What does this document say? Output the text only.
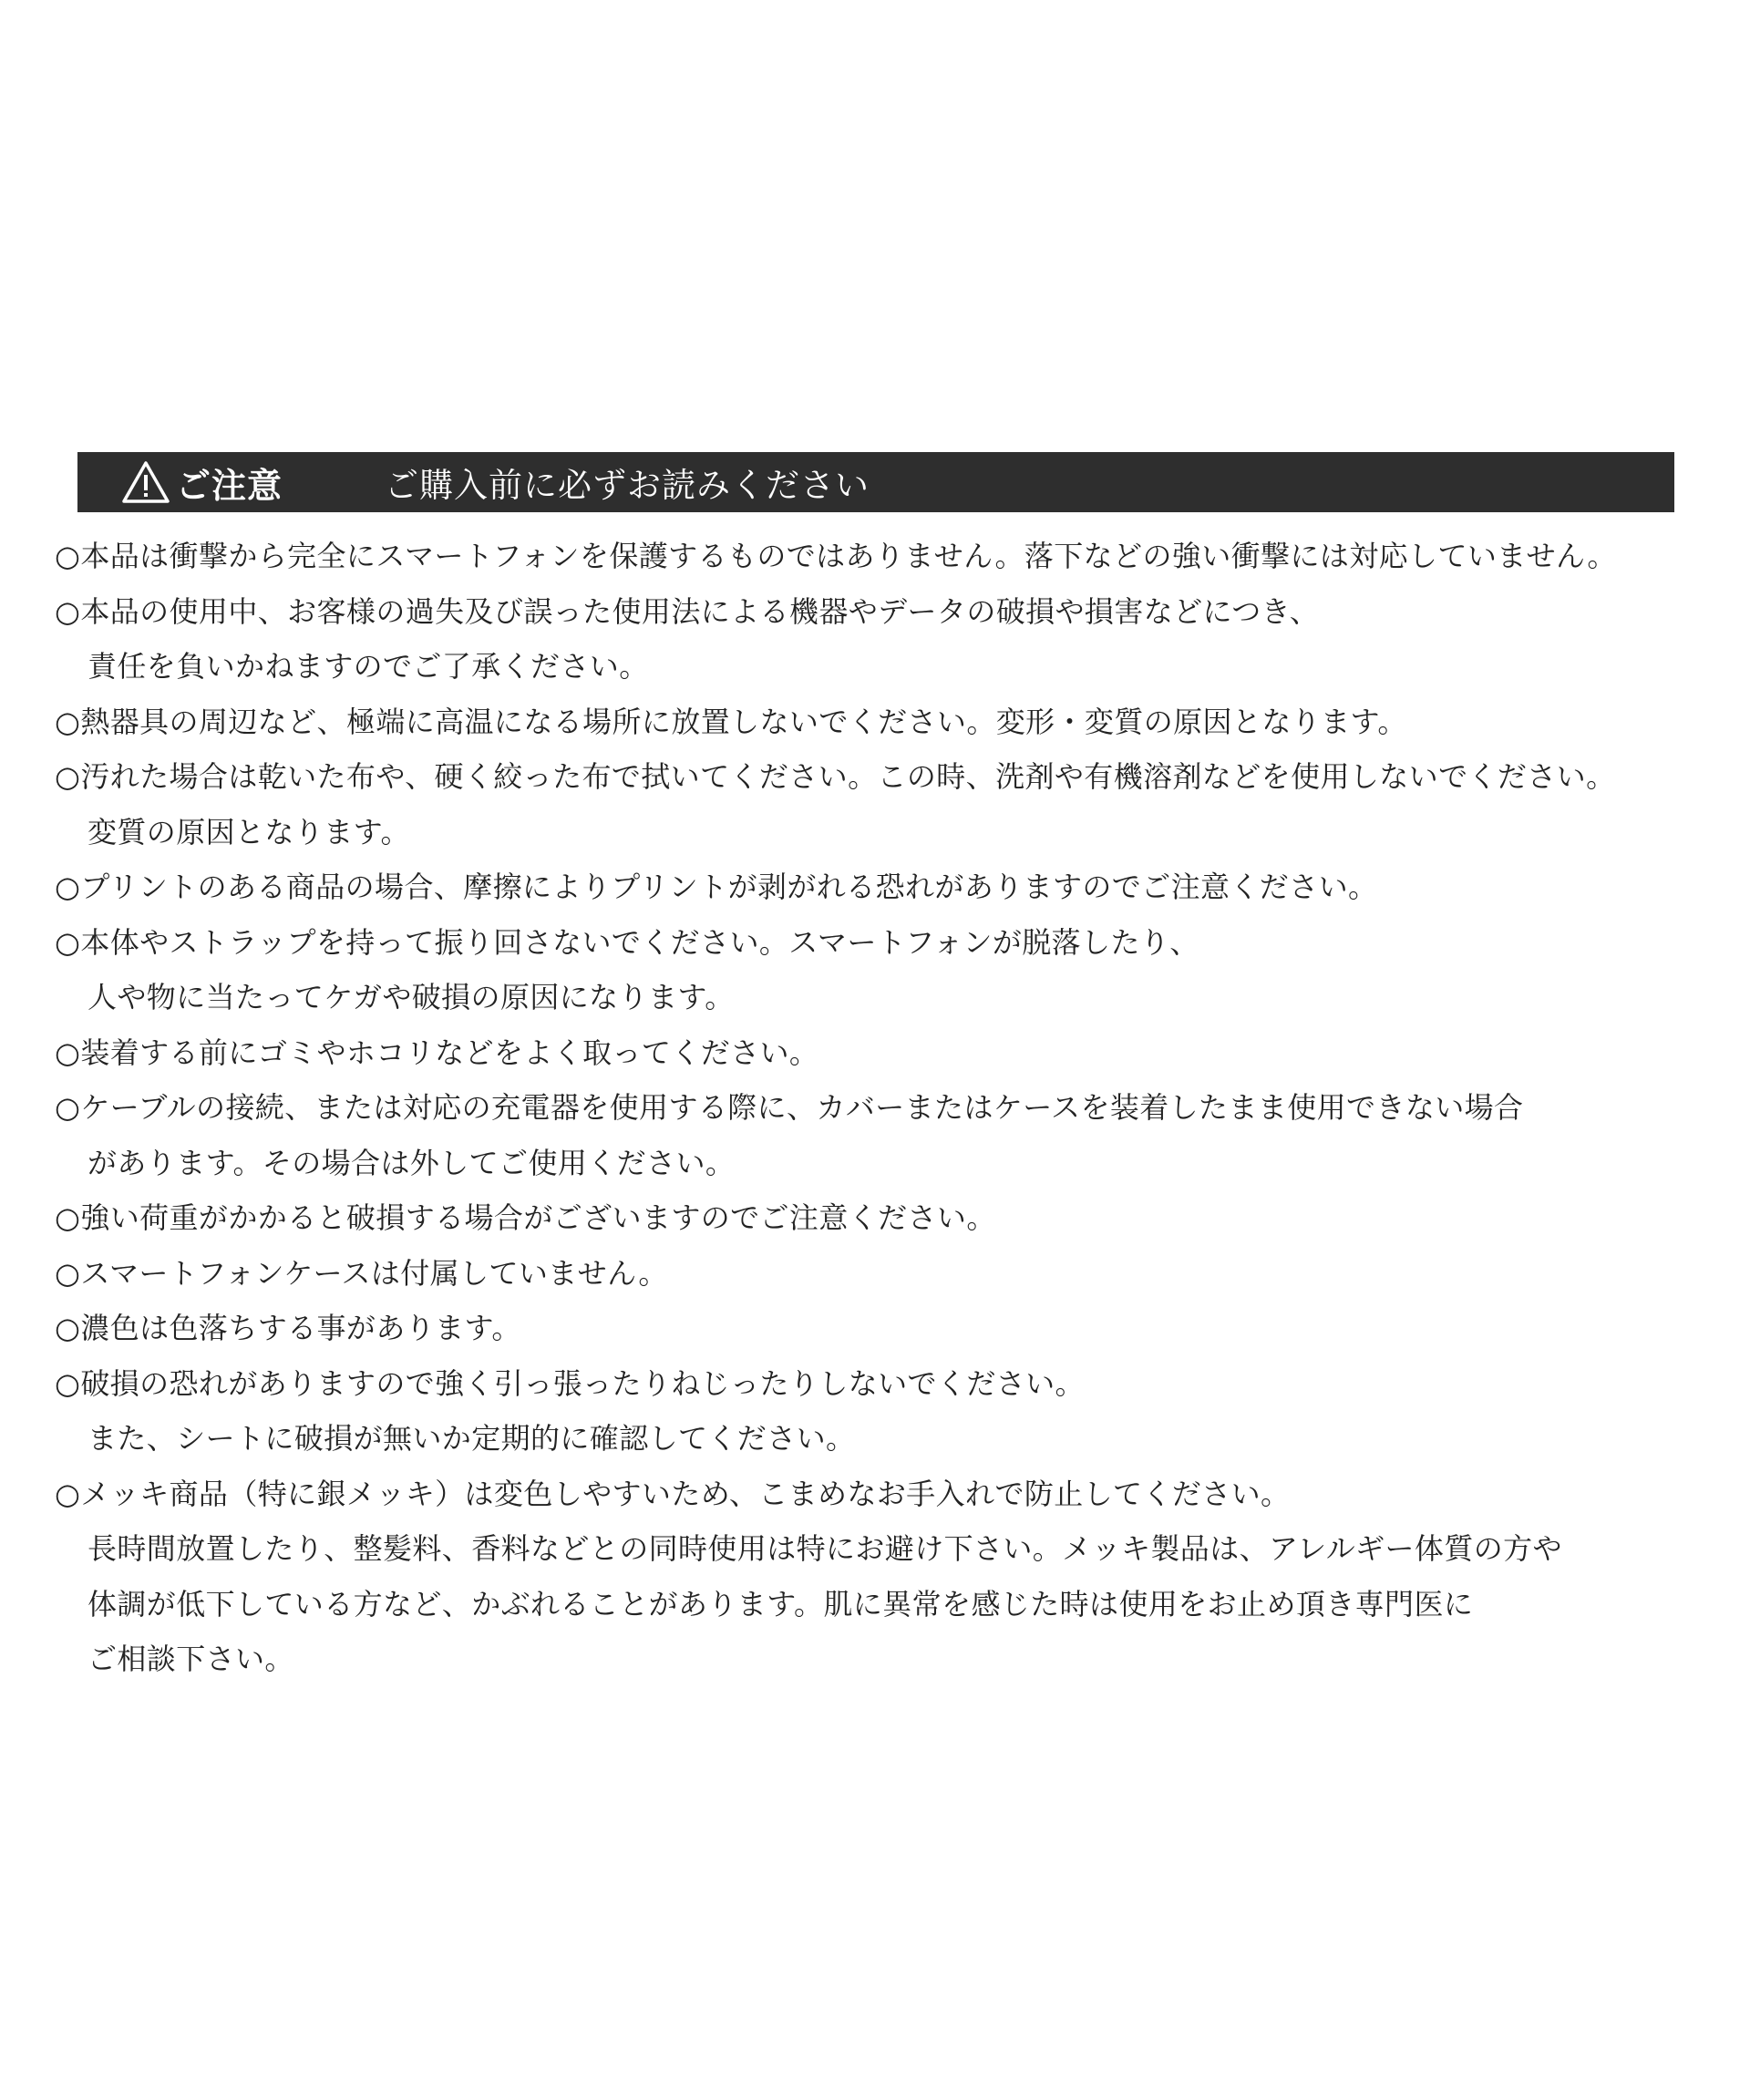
ご注意	ご購入前に必ずお読みください
○本品は衝撃から完全にスマートフォンを保護するものではありません。落下などの強い衝撃には対応していません。
○本品の使用中、お客様の過失及び誤った使用法による機器やデータの破損や損害などにつき、
責任を負いかねますのでご了承ください。
○熱器具の周辺など、極端に高温になる場所に放置しないでください。変形・変質の原因となります。
○汚れた場合は乾いた布や、硬く絞った布で拭いてください。この時、洗剤や有機溶剤などを使用しないでください。
変質の原因となります。
○プリントのある商品の場合、摩擦によりプリントが剥がれる恐れがありますのでご注意ください。
○本体やストラップを持って振り回さないでください。スマートフォンが脱落したり、
人や物に当たってケガや破損の原因になります。
○装着する前にゴミやホコリなどをよく取ってください。
○ケーブルの接続、または対応の充電器を使用する際に、カバーまたはケースを装着したまま使用できない場合
があります。その場合は外してご使用ください。
○強い荷重がかかると破損する場合がございますのでご注意ください。
○スマートフォンケースは付属していません。
○濃色は色落ちする事があります。
○破損の恐れがありますので強く引っ張ったりねじったりしないでください。
また、シートに破損が無いか定期的に確認してください。
○メッキ商品（特に銀メッキ）は変色しやすいため、こまめなお手入れで防止してください。
長時間放置したり、整髪料、香料などとの同時使用は特にお避け下さい。メッキ製品は、アレルギー体質の方や
体調が低下している方など、かぶれることがあります。肌に異常を感じた時は使用をお止め頂き専門医に
ご相談下さい。
